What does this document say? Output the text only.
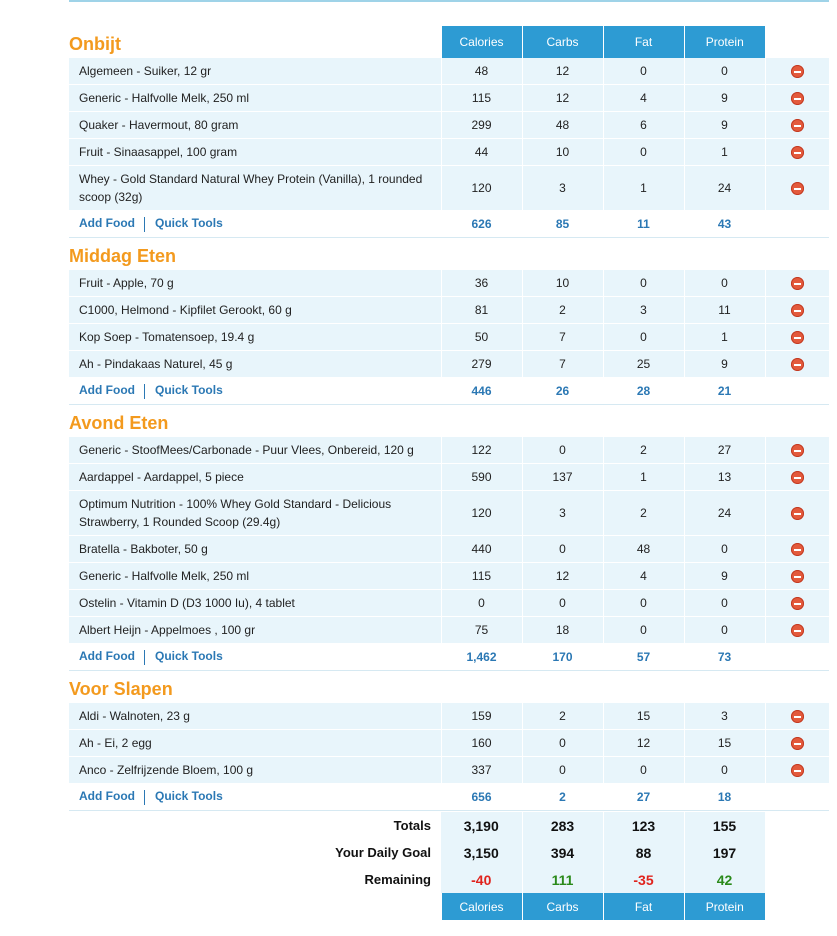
Onbijt	Calories	Carbs	Fat	Protein	
Algemeen - Suiker, 12 gr	48	12	0	0	
Generic - Halfvolle Melk, 250 ml	115	12	4	9	
Quaker - Havermout, 80 gram	299	48	6	9	
Fruit - Sinaasappel, 100 gram	44	10	0	1	
Whey - Gold Standard Natural Whey Protein (Vanilla), 1 rounded scoop (32g)	120	3	1	24	
Add Food Quick Tools	626	85	11	43	
Middag Eten					
Fruit - Apple, 70 g	36	10	0	0	
C1000, Helmond - Kipfilet Gerookt, 60 g	81	2	3	11	
Kop Soep - Tomatensoep, 19.4 g	50	7	0	1	
Ah - Pindakaas Naturel, 45 g	279	7	25	9	
Add Food Quick Tools	446	26	28	21	
Avond Eten					
Generic - StoofMees/Carbonade - Puur Vlees, Onbereid, 120 g	122	0	2	27	
Aardappel - Aardappel, 5 piece	590	137	1	13	
Optimum Nutrition - 100% Whey Gold Standard - Delicious Strawberry, 1 Rounded Scoop (29.4g)	120	3	2	24	
Bratella - Bakboter, 50 g	440	0	48	0	
Generic - Halfvolle Melk, 250 ml	115	12	4	9	
Ostelin - Vitamin D (D3 1000 Iu), 4 tablet	0	0	0	0	
Albert Heijn - Appelmoes , 100 gr	75	18	0	0	
Add Food Quick Tools	1,462	170	57	73	
Voor Slapen					
Aldi - Walnoten, 23 g	159	2	15	3	
Ah - Ei, 2 egg	160	0	12	15	
Anco - Zelfrijzende Bloem, 100 g	337	0	0	0	
Add Food Quick Tools	656	2	27	18	
Totals	3,190	283	123	155	
Your Daily Goal	3,150	394	88	197	
Remaining	-40	111	-35	42	
	Calories	Carbs	Fat	Protein	
